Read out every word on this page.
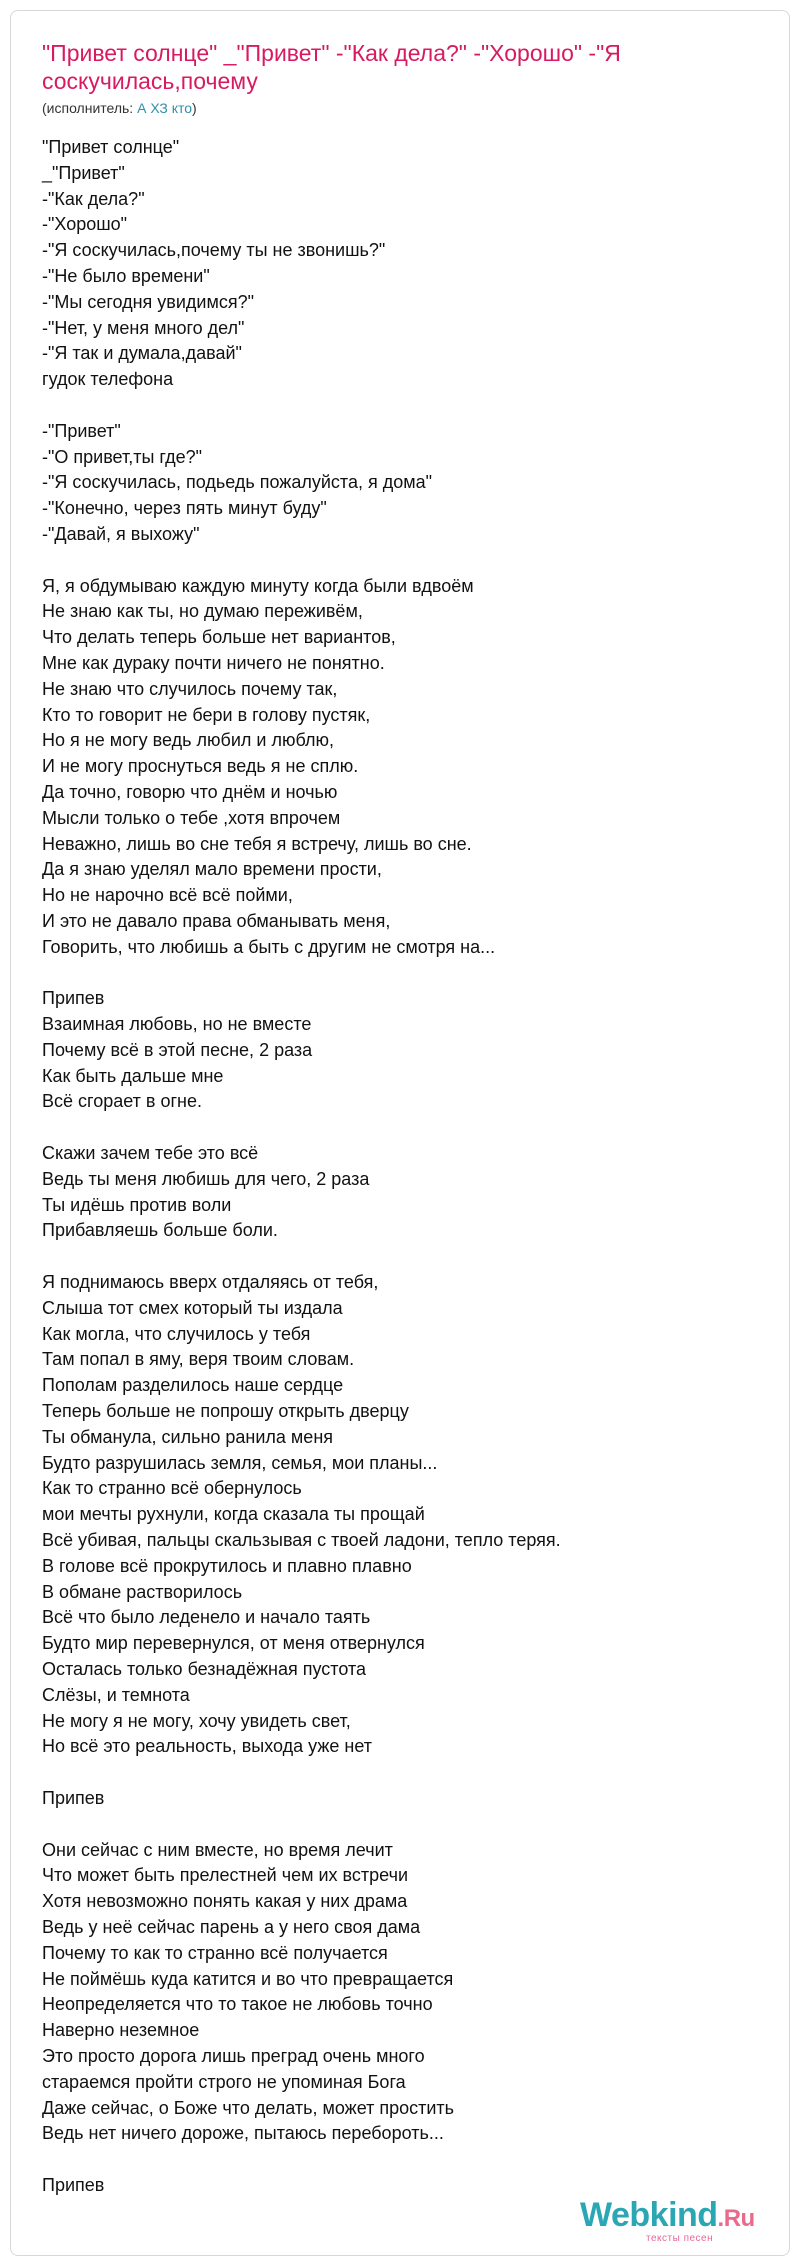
"Привет солнце" _"Привет" -"Как дела?" -"Хорошо" -"Я соскучилась,почему
(исполнитель: А ХЗ кто)
"Привет солнце"
_"Привет"
-"Как дела?"
-"Хорошо"
-"Я соскучилась,почему ты не звонишь?"
-"Не было времени"
-"Мы сегодня увидимся?"
-"Нет, у меня много дел"
-"Я так и думала,давай"
гудок телефона
-"Привет"
-"О привет,ты где?"
-"Я соскучилась, подьедь пожалуйста, я дома"
-"Конечно, через пять минут буду"
-"Давай, я выхожу"
Я, я обдумываю каждую минуту когда были вдвоём
Не знаю как ты, но думаю переживём,
Что делать теперь больше нет вариантов,
Мне как дураку почти ничего не понятно.
Не знаю что случилось почему так,
Кто то говорит не бери в голову пустяк,
Но я не могу ведь любил и люблю,
И не могу проснуться ведь я не сплю.
Да точно, говорю что днём и ночью
Мысли только о тебе ,хотя впрочем
Неважно, лишь во сне тебя я встречу, лишь во сне.
Да я знаю уделял мало времени прости,
Но не нарочно всё всё пойми,
И это не давало права обманывать меня,
Говорить, что любишь а быть с другим не смотря на...
Припев
Взаимная любовь, но не вместе
Почему всё в этой песне, 2 раза
Как быть дальше мне
Всё сгорает в огне.
Скажи зачем тебе это всё
Ведь ты меня любишь для чего, 2 раза
Ты идёшь против воли
Прибавляешь больше боли.
Я поднимаюсь вверх отдаляясь от тебя,
Слыша тот смех который ты издала
Как могла, что случилось у тебя
Там попал в яму, веря твоим словам.
Пополам разделилось наше сердце
Теперь больше не попрошу открыть дверцу
Ты обманула, сильно ранила меня
Будто разрушилась земля, семья, мои планы...
Как то странно всё обернулось
мои мечты рухнули, когда сказала ты прощай
Всё убивая, пальцы скальзывая с твоей ладони, тепло теряя.
В голове всё прокрутилось и плавно плавно
В обмане растворилось
Всё что было леденело и начало таять
Будто мир перевернулся, от меня отвернулся
Осталась только безнадёжная пустота
Слёзы, и темнота
Не могу я не могу, хочу увидеть свет,
Но всё это реальность, выхода уже нет
Припев
Они сейчас с ним вместе, но время лечит
Что может быть прелестней чем их встречи
Хотя невозможно понять какая у них драма
Ведь у неё сейчас парень а у него своя дама
Почему то как то странно всё получается
Не поймёшь куда катится и во что превращается
Неопределяется что то такое не любовь точно
Наверно неземное
Это просто дорога лишь преград очень много
стараемся пройти строго не упоминая Бога
Даже сейчас, о Боже что делать, может простить
Ведь нет ничего дороже, пытаюсь перебороть...
Припев
Webkind.Ru
тексты песен
